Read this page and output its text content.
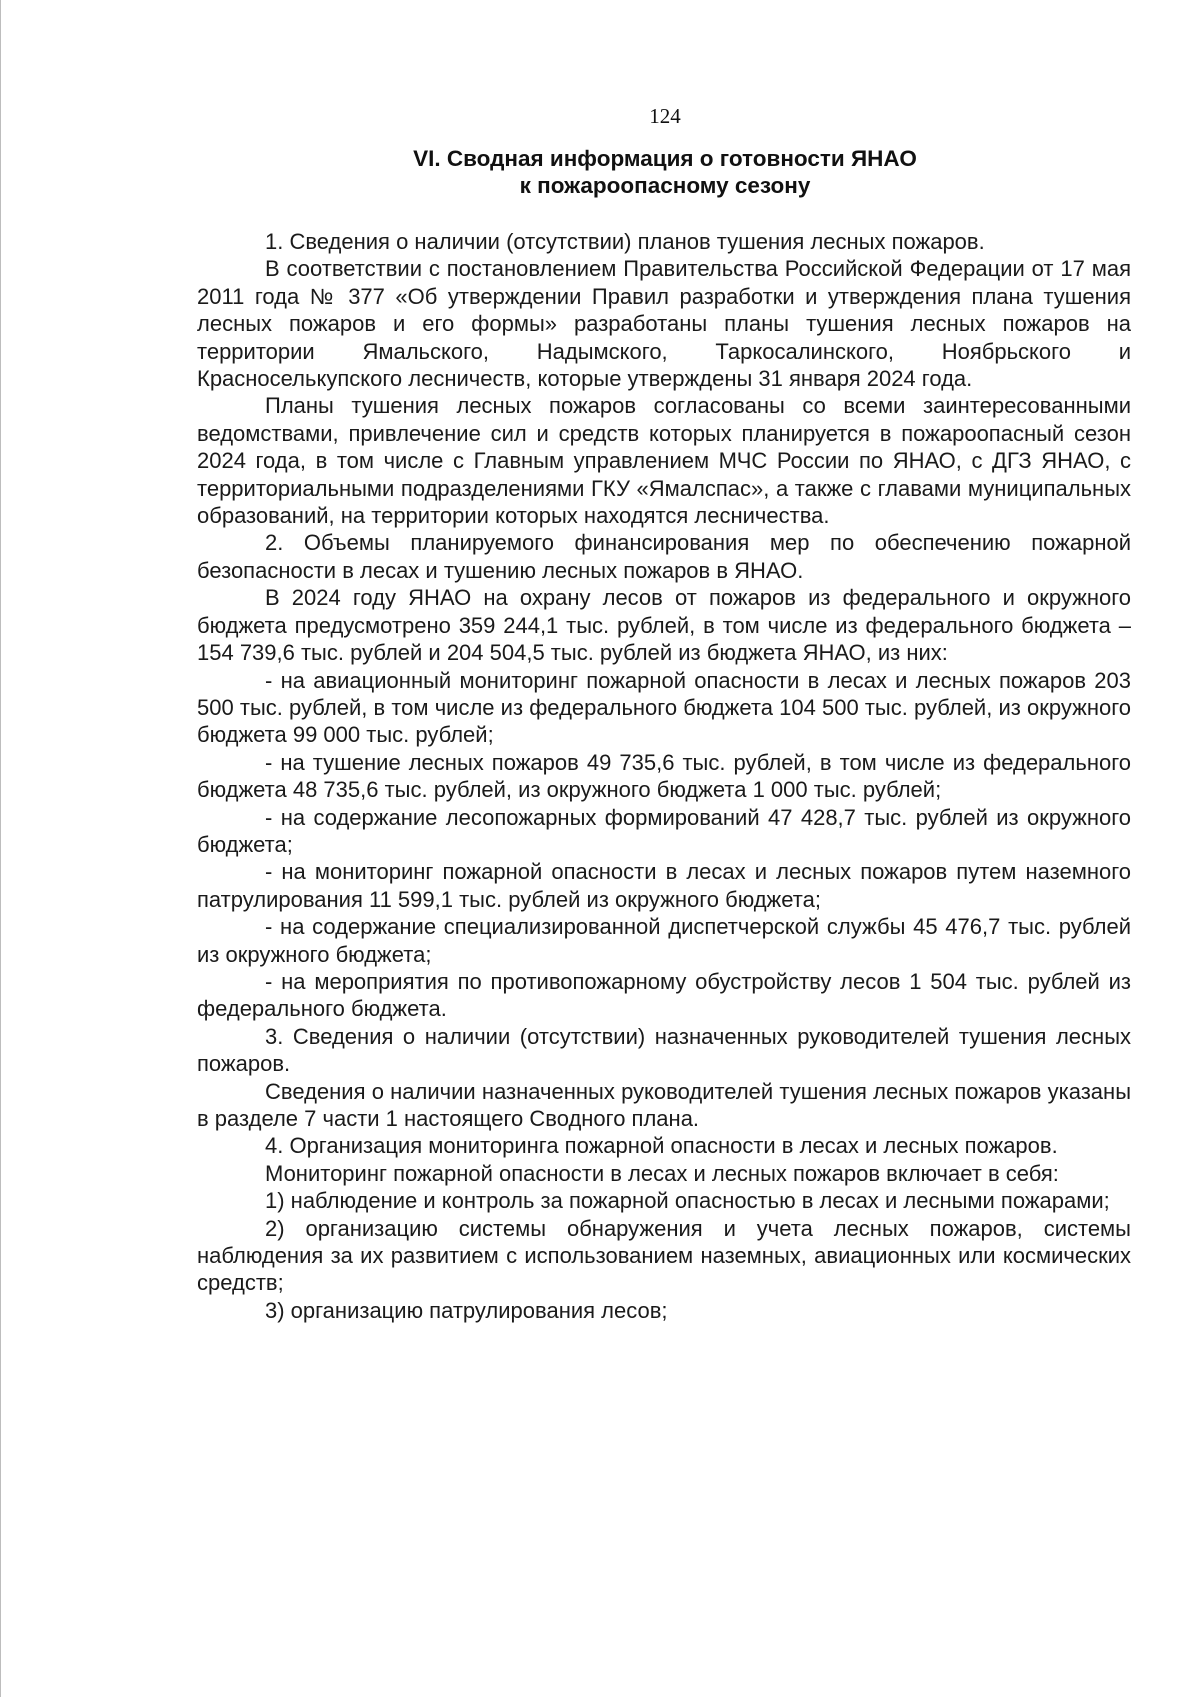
124
VI. Сводная информация о готовности ЯНАО
к пожароопасному сезону

1. Сведения о наличии (отсутствии) планов тушения лесных пожаров.

В соответствии с постановлением Правительства Российской Федерации от 17 мая 2011 года № 377 «Об утверждении Правил разработки и утверждения плана тушения лесных пожаров и его формы» разработаны планы тушения лесных пожаров на территории Ямальского, Надымского, Таркосалинского, Ноябрьского и Красноселькупского лесничеств, которые утверждены 31 января 2024 года.

Планы тушения лесных пожаров согласованы со всеми заинтересованными ведомствами, привлечение сил и средств которых планируется в пожароопасный сезон 2024 года, в том числе с Главным управлением МЧС России по ЯНАО, с ДГЗ ЯНАО, с территориальными подразделениями ГКУ «Ямалспас», а также с главами муниципальных образований, на территории которых находятся лесничества.

2. Объемы планируемого финансирования мер по обеспечению пожарной безопасности в лесах и тушению лесных пожаров в ЯНАО.

В 2024 году ЯНАО на охрану лесов от пожаров из федерального и окружного бюджета предусмотрено 359 244,1 тыс. рублей, в том числе из федерального бюджета – 154 739,6 тыс. рублей и 204 504,5 тыс. рублей из бюджета ЯНАО, из них:

- на авиационный мониторинг пожарной опасности в лесах и лесных пожаров 203 500 тыс. рублей, в том числе из федерального бюджета 104 500 тыс. рублей, из окружного бюджета 99 000 тыс. рублей;

- на тушение лесных пожаров 49 735,6 тыс. рублей, в том числе из федерального бюджета 48 735,6 тыс. рублей, из окружного бюджета 1 000 тыс. рублей;

- на содержание лесопожарных формирований 47 428,7 тыс. рублей из окружного бюджета;

- на мониторинг пожарной опасности в лесах и лесных пожаров путем наземного патрулирования 11 599,1 тыс. рублей из окружного бюджета;

- на содержание специализированной диспетчерской службы 45 476,7 тыс. рублей из окружного бюджета;

- на мероприятия по противопожарному обустройству лесов 1 504 тыс. рублей из федерального бюджета.

3. Сведения о наличии (отсутствии) назначенных руководителей тушения лесных пожаров.

Сведения о наличии назначенных руководителей тушения лесных пожаров указаны в разделе 7 части 1 настоящего Сводного плана.

4. Организация мониторинга пожарной опасности в лесах и лесных пожаров.

Мониторинг пожарной опасности в лесах и лесных пожаров включает в себя:

1) наблюдение и контроль за пожарной опасностью в лесах и лесными пожарами;

2) организацию системы обнаружения и учета лесных пожаров, системы наблюдения за их развитием с использованием наземных, авиационных или космических средств;

3) организацию патрулирования лесов;
